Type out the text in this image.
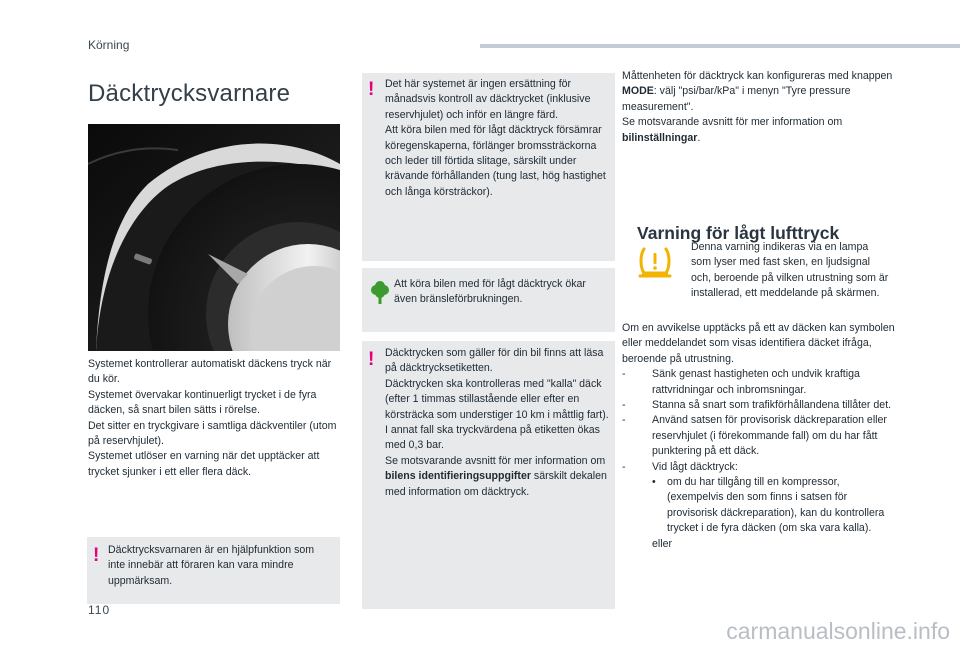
Körning
Däcktrycksvarnare

Systemet kontrollerar automatiskt däckens tryck när du kör.

Systemet övervakar kontinuerligt trycket i de fyra däcken, så snart bilen sätts i rörelse.

Det sitter en tryckgivare i samtliga däckventiler (utom på reservhjulet).

Systemet utlöser en varning när det upptäcker att trycket sjunker i ett eller flera däck.

! Däcktrycksvarnaren är en hjälpfunktion som inte innebär att föraren kan vara mindre uppmärksam.

! Det här systemet är ingen ersättning för månadsvis kontroll av däcktrycket (inklusive reservhjulet) och inför en längre färd.

Att köra bilen med för lågt däcktryck försämrar köregenskaperna, förlänger bromssträckorna och leder till förtida slitage, särskilt under krävande förhållanden (tung last, hög hastighet och långa körsträckor).

Att köra bilen med för lågt däcktryck ökar även bränsleförbrukningen.

! Däcktrycken som gäller för din bil finns att läsa på däcktrycksetiketten.

Däcktrycken ska kontrolleras med "kalla" däck (efter 1 timmas stillastående eller efter en körsträcka som understiger 10 km i måttlig fart). I annat fall ska tryckvärdena på etiketten ökas med 0,3 bar.

Se motsvarande avsnitt för mer information om bilens identifieringsuppgifter särskilt dekalen med information om däcktryck.

Måttenheten för däcktryck kan konfigureras med knappen MODE: välj "psi/bar/kPa" i menyn "Tyre pressure measurement".

Se motsvarande avsnitt för mer information om bilinställningar.

Varning för lågt lufttryck

Denna varning indikeras via en lampa som lyser med fast sken, en ljudsignal och, beroende på vilken utrustning som är installerad, ett meddelande på skärmen.

Om en avvikelse upptäcks på ett av däcken kan symbolen eller meddelandet som visas identifiera däcket ifråga, beroende på utrustning.

- Sänk genast hastigheten och undvik kraftiga rattvridningar och inbromsningar.
- Stanna så snart som trafikförhållandena tillåter det.
- Använd satsen för provisorisk däckreparation eller reservhjulet (i förekommande fall) om du har fått punktering på ett däck.
- Vid lågt däcktryck:
• om du har tillgång till en kompressor, (exempelvis den som finns i satsen för provisorisk däckreparation), kan du kontrollera trycket i de fyra däcken (om ska vara kalla).

eller

110
carmanualsonline.info
